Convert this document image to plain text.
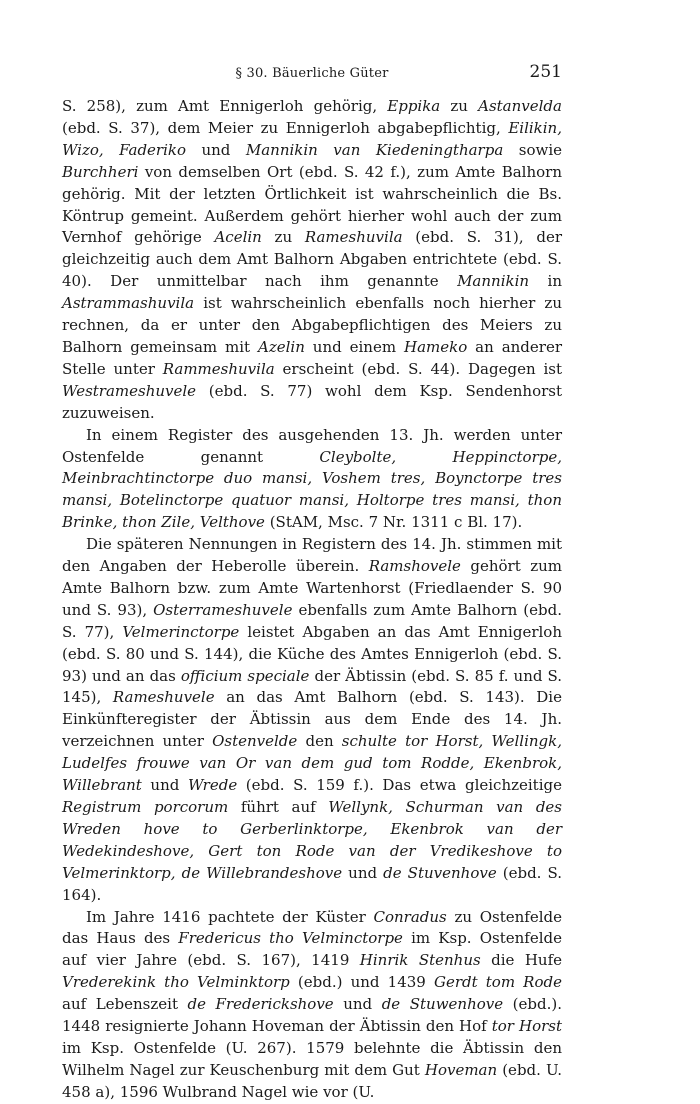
§ 30. Bäuerliche Güter	251

S. 258), zum Amt Ennigerloh gehörig, Eppika zu Astanvelda (ebd. S. 37), dem Meier zu Ennigerloh abgabepflichtig, Eilikin, Wizo, Faderiko und Mannikin van Kiedeningtharpa sowie Burchheri von demselben Ort (ebd. S. 42 f.), zum Amte Balhorn gehörig. Mit der letzten Örtlichkeit ist wahrscheinlich die Bs. Köntrup gemeint. Außerdem gehört hierher wohl auch der zum Vernhof gehörige Acelin zu Rameshuvila (ebd. S. 31), der gleichzeitig auch dem Amt Balhorn Abgaben entrichtete (ebd. S. 40). Der unmittelbar nach ihm genannte Mannikin in Astrammashuvila ist wahrscheinlich ebenfalls noch hierher zu rechnen, da er unter den Abgabepflichtigen des Meiers zu Balhorn gemeinsam mit Azelin und einem Hameko an anderer Stelle unter Rammeshuvila erscheint (ebd. S. 44). Dagegen ist Westrameshuvele (ebd. S. 77) wohl dem Ksp. Sendenhorst zuzuweisen.

In einem Register des ausgehenden 13. Jh. werden unter Ostenfelde genannt Cleybolte, Heppinctorpe, Meinbrachtinctorpe duo mansi, Voshem tres, Boynctorpe tres mansi, Botelinctorpe quatuor mansi, Holtorpe tres mansi, thon Brinke, thon Zile, Velthove (StAM, Msc. 7 Nr. 1311 c Bl. 17).

Die späteren Nennungen in Registern des 14. Jh. stimmen mit den Angaben der Heberolle überein. Ramshovele gehört zum Amte Balhorn bzw. zum Amte Wartenhorst (Friedlaender S. 90 und S. 93), Osterrameshuvele ebenfalls zum Amte Balhorn (ebd. S. 77), Velmerinctorpe leistet Abgaben an das Amt Ennigerloh (ebd. S. 80 und S. 144), die Küche des Amtes Ennigerloh (ebd. S. 93) und an das officium speciale der Äbtissin (ebd. S. 85 f. und S. 145), Rameshuvele an das Amt Balhorn (ebd. S. 143). Die Einkünfteregister der Äbtissin aus dem Ende des 14. Jh. verzeichnen unter Ostenvelde den schulte tor Horst, Wellingk, Ludelfes frouwe van Or van dem gud tom Rodde, Ekenbrok, Willebrant und Wrede (ebd. S. 159 f.). Das etwa gleichzeitige Registrum porcorum führt auf Wellynk, Schurman van des Wreden hove to Gerberlinktorpe, Ekenbrok van der Wedekindeshove, Gert ton Rode van der Vredikeshove to Velmerinktorp, de Willebrandeshove und de Stuvenhove (ebd. S. 164).

Im Jahre 1416 pachtete der Küster Conradus zu Ostenfelde das Haus des Fredericus tho Velminctorpe im Ksp. Ostenfelde auf vier Jahre (ebd. S. 167), 1419 Hinrik Stenhus die Hufe Vrederekink tho Velminktorp (ebd.) und 1439 Gerdt tom Rode auf Lebenszeit de Frederickshove und de Stuwenhove (ebd.). 1448 resignierte Johann Hoveman der Äbtissin den Hof tor Horst im Ksp. Ostenfelde (U. 267). 1579 belehnte die Äbtissin den Wilhelm Nagel zur Keuschenburg mit dem Gut Hoveman (ebd. U. 458 a), 1596 Wulbrand Nagel wie vor (U.
